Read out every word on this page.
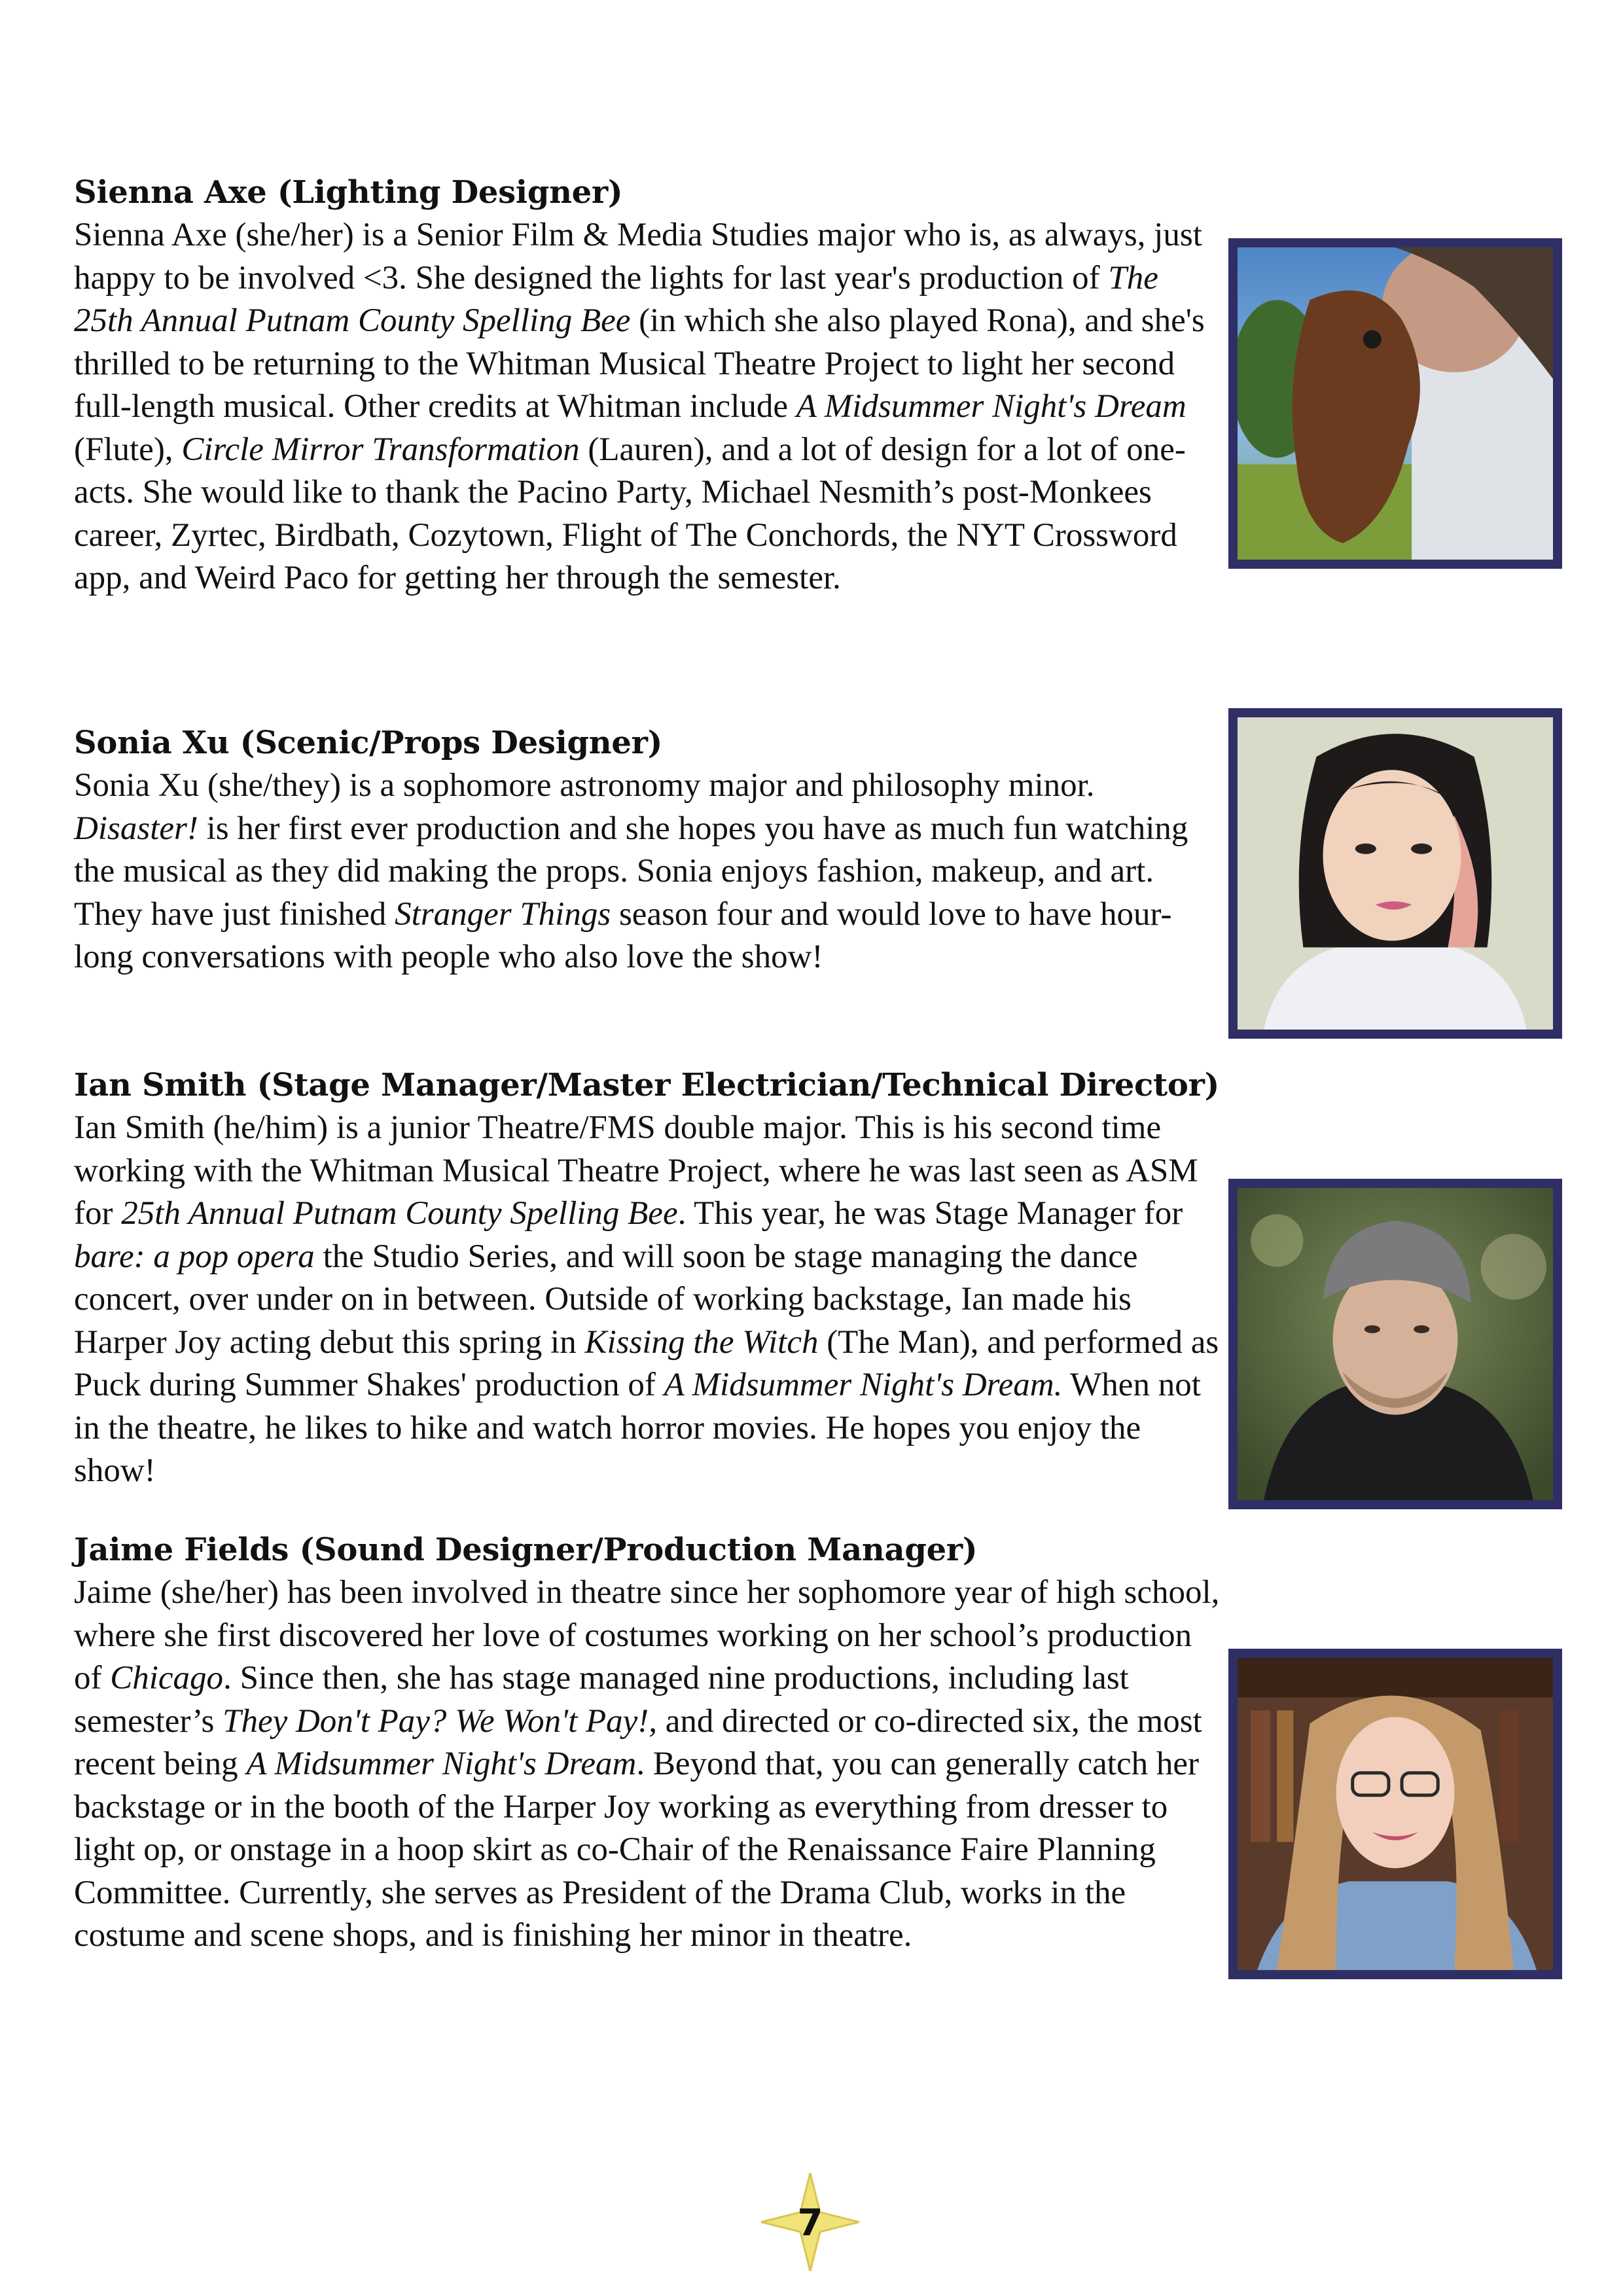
Sienna Axe (Lighting Designer)

Sienna Axe (she/her) is a Senior Film & Media Studies major who is, as always, just happy to be involved <3. She designed the lights for last year's production of The 25th Annual Putnam County Spelling Bee (in which she also played Rona), and she's thrilled to be returning to the Whitman Musical Theatre Project to light her second full-length musical. Other credits at Whitman include A Midsummer Night's Dream (Flute), Circle Mirror Transformation (Lauren), and a lot of design for a lot of one-acts. She would like to thank the Pacino Party, Michael Nesmith’s post-Monkees career, Zyrtec, Birdbath, Cozytown, Flight of The Conchords, the NYT Crossword app, and Weird Paco for getting her through the semester.

Sonia Xu (Scenic/Props Designer)

Sonia Xu (she/they) is a sophomore astronomy major and philosophy minor. Disaster! is her first ever production and she hopes you have as much fun watching the musical as they did making the props. Sonia enjoys fashion, makeup, and art. They have just finished Stranger Things season four and would love to have hour-long conversations with people who also love the show!

Ian Smith (Stage Manager/Master Electrician/Technical Director)

Ian Smith (he/him) is a junior Theatre/FMS double major. This is his second time working with the Whitman Musical Theatre Project, where he was last seen as ASM for 25th Annual Putnam County Spelling Bee. This year, he was Stage Manager for bare: a pop opera the Studio Series, and will soon be stage managing the dance concert, over under on in between. Outside of working backstage, Ian made his Harper Joy acting debut this spring in Kissing the Witch (The Man), and performed as Puck during Summer Shakes' production of A Midsummer Night's Dream. When not in the theatre, he likes to hike and watch horror movies. He hopes you enjoy the show!

Jaime Fields (Sound Designer/Production Manager)

Jaime (she/her) has been involved in theatre since her sophomore year of high school, where she first discovered her love of costumes working on her school’s production of Chicago. Since then, she has stage managed nine productions, including last semester’s They Don't Pay? We Won't Pay!, and directed or co-directed six, the most recent being A Midsummer Night's Dream. Beyond that, you can generally catch her backstage or in the booth of the Harper Joy working as everything from dresser to light op, or onstage in a hoop skirt as co-Chair of the Renaissance Faire Planning Committee. Currently, she serves as President of the Drama Club, works in the costume and scene shops, and is finishing her minor in theatre.

7
